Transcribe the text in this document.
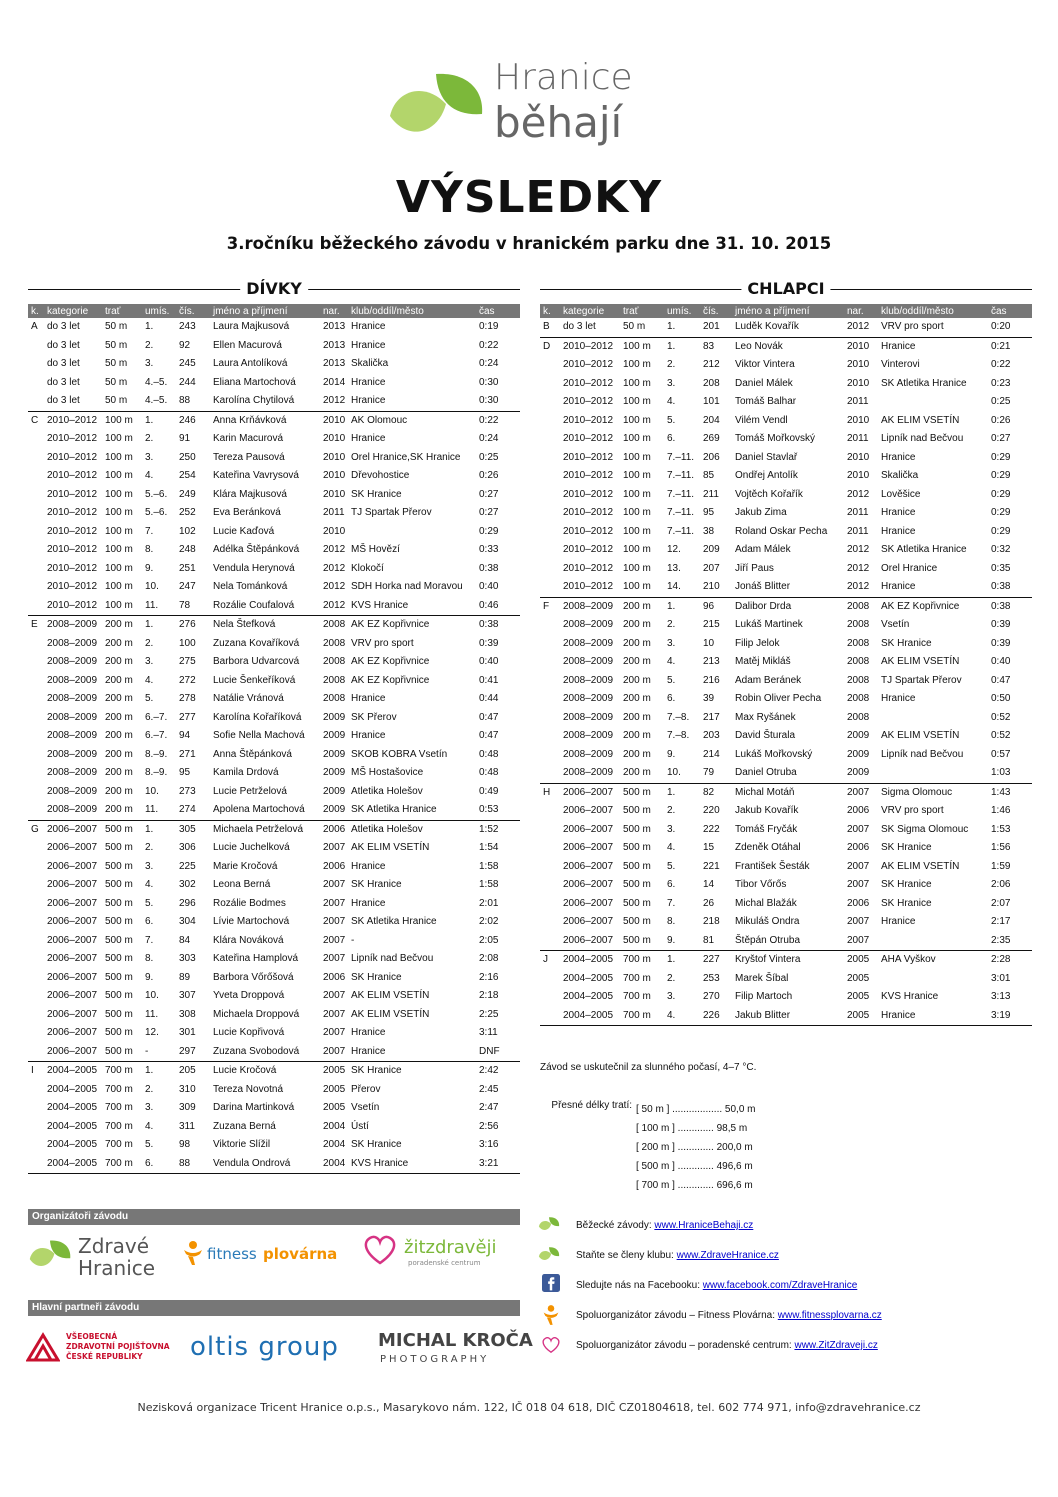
Hranice
běhají
VÝSLEDKY
3.ročníku běžeckého závodu v hranickém parku dne 31. 10. 2015
DÍVKY	CHLAPCI
k.	kategorie	trať	umís.	čís.	jméno a příjmení	nar.	klub/oddíl/město	čas
A	do 3 let	50 m	1.	243	Laura Majkusová	2013	Hranice	0:19
	do 3 let	50 m	2.	92	Ellen Macurová	2013	Hranice	0:22
	do 3 let	50 m	3.	245	Laura Antolíková	2013	Skalička	0:24
	do 3 let	50 m	4.–5.	244	Eliana Martochová	2014	Hranice	0:30
	do 3 let	50 m	4.–5.	88	Karolína Chytilová	2012	Hranice	0:30
C	2010–2012	100 m	1.	246	Anna Krňávková	2010	AK Olomouc	0:22
	2010–2012	100 m	2.	91	Karin Macurová	2010	Hranice	0:24
	2010–2012	100 m	3.	250	Tereza Pausová	2010	Orel Hranice,SK Hranice	0:25
	2010–2012	100 m	4.	254	Kateřina Vavrysová	2010	Dřevohostice	0:26
	2010–2012	100 m	5.–6.	249	Klára Majkusová	2010	SK Hranice	0:27
	2010–2012	100 m	5.–6.	252	Eva Beránková	2011	TJ Spartak Přerov	0:27
	2010–2012	100 m	7.	102	Lucie Kaďová	2010		0:29
	2010–2012	100 m	8.	248	Adélka Štěpánková	2012	MŠ Hovězí	0:33
	2010–2012	100 m	9.	251	Vendula Herynová	2012	Klokočí	0:38
	2010–2012	100 m	10.	247	Nela Tománková	2012	SDH Horka nad Moravou	0:40
	2010–2012	100 m	11.	78	Rozálie Coufalová	2012	KVS Hranice	0:46
E	2008–2009	200 m	1.	276	Nela Štefková	2008	AK EZ Kopřivnice	0:38
	2008–2009	200 m	2.	100	Zuzana Kovaříková	2008	VRV pro sport	0:39
	2008–2009	200 m	3.	275	Barbora Udvarcová	2008	AK EZ Kopřivnice	0:40
	2008–2009	200 m	4.	272	Lucie Šenkeříková	2008	AK EZ Kopřivnice	0:41
	2008–2009	200 m	5.	278	Natálie Vránová	2008	Hranice	0:44
	2008–2009	200 m	6.–7.	277	Karolína Kořaříková	2009	SK Přerov	0:47
	2008–2009	200 m	6.–7.	94	Sofie Nella Machová	2009	Hranice	0:47
	2008–2009	200 m	8.–9.	271	Anna Štěpánková	2009	SKOB KOBRA Vsetín	0:48
	2008–2009	200 m	8.–9.	95	Kamila Drdová	2009	MŠ Hostašovice	0:48
	2008–2009	200 m	10.	273	Lucie Petrželová	2009	Atletika Holešov	0:49
	2008–2009	200 m	11.	274	Apolena Martochová	2009	SK Atletika Hranice	0:53
G	2006–2007	500 m	1.	305	Michaela Petrželová	2006	Atletika Holešov	1:52
	2006–2007	500 m	2.	306	Lucie Juchelková	2007	AK ELIM VSETÍN	1:54
	2006–2007	500 m	3.	225	Marie Kročová	2006	Hranice	1:58
	2006–2007	500 m	4.	302	Leona Berná	2007	SK Hranice	1:58
	2006–2007	500 m	5.	296	Rozálie Bodmes	2007	Hranice	2:01
	2006–2007	500 m	6.	304	Lívie Martochová	2007	SK Atletika Hranice	2:02
	2006–2007	500 m	7.	84	Klára Nováková	2007	-	2:05
	2006–2007	500 m	8.	303	Kateřina Hamplová	2007	Lipník nad Bečvou	2:08
	2006–2007	500 m	9.	89	Barbora Vőrőšová	2006	SK Hranice	2:16
	2006–2007	500 m	10.	307	Yveta Droppová	2007	AK ELIM VSETÍN	2:18
	2006–2007	500 m	11.	308	Michaela Droppová	2007	AK ELIM VSETÍN	2:25
	2006–2007	500 m	12.	301	Lucie Kopřivová	2007	Hranice	3:11
	2006–2007	500 m	-	297	Zuzana Svobodová	2007	Hranice	DNF
I	2004–2005	700 m	1.	205	Lucie Kročová	2005	SK Hranice	2:42
	2004–2005	700 m	2.	310	Tereza Novotná	2005	Přerov	2:45
	2004–2005	700 m	3.	309	Darina Martinková	2005	Vsetín	2:47
	2004–2005	700 m	4.	311	Zuzana Berná	2004	Ústí	2:56
	2004–2005	700 m	5.	98	Viktorie Slížil	2004	SK Hranice	3:16
	2004–2005	700 m	6.	88	Vendula Ondrová	2004	KVS Hranice	3:21
k.	kategorie	trať	umís.	čís.	jméno a příjmení	nar.	klub/oddíl/město	čas
B	do 3 let	50 m	1.	201	Luděk Kovařík	2012	VRV pro sport	0:20
D	2010–2012	100 m	1.	83	Leo Novák	2010	Hranice	0:21
	2010–2012	100 m	2.	212	Viktor Vintera	2010	Vinterovi	0:22
	2010–2012	100 m	3.	208	Daniel Málek	2010	SK Atletika Hranice	0:23
	2010–2012	100 m	4.	101	Tomáš Balhar	2011		0:25
	2010–2012	100 m	5.	204	Vilém Vendl	2010	AK ELIM VSETÍN	0:26
	2010–2012	100 m	6.	269	Tomáš Mořkovský	2011	Lipník nad Bečvou	0:27
	2010–2012	100 m	7.–11.	206	Daniel Stavlař	2010	Hranice	0:29
	2010–2012	100 m	7.–11.	85	Ondřej Antolík	2010	Skalička	0:29
	2010–2012	100 m	7.–11.	211	Vojtěch Kořařík	2012	Lověšice	0:29
	2010–2012	100 m	7.–11.	95	Jakub Zima	2011	Hranice	0:29
	2010–2012	100 m	7.–11.	38	Roland Oskar Pecha	2011	Hranice	0:29
	2010–2012	100 m	12.	209	Adam Málek	2012	SK Atletika Hranice	0:32
	2010–2012	100 m	13.	207	Jiří Paus	2012	Orel Hranice	0:35
	2010–2012	100 m	14.	210	Jonáš Blitter	2012	Hranice	0:38
F	2008–2009	200 m	1.	96	Dalibor Drda	2008	AK EZ Kopřivnice	0:38
	2008–2009	200 m	2.	215	Lukáš Martinek	2008	Vsetín	0:39
	2008–2009	200 m	3.	10	Filip Jelok	2008	SK Hranice	0:39
	2008–2009	200 m	4.	213	Matěj Mikláš	2008	AK ELIM VSETÍN	0:40
	2008–2009	200 m	5.	216	Adam Beránek	2008	TJ Spartak Přerov	0:47
	2008–2009	200 m	6.	39	Robin Oliver Pecha	2008	Hranice	0:50
	2008–2009	200 m	7.–8.	217	Max Ryšánek	2008		0:52
	2008–2009	200 m	7.–8.	203	David Šturala	2009	AK ELIM VSETÍN	0:52
	2008–2009	200 m	9.	214	Lukáš Mořkovský	2009	Lipník nad Bečvou	0:57
	2008–2009	200 m	10.	79	Daniel Otruba	2009		1:03
H	2006–2007	500 m	1.	82	Michal Motáň	2007	Sigma Olomouc	1:43
	2006–2007	500 m	2.	220	Jakub Kovařík	2006	VRV pro sport	1:46
	2006–2007	500 m	3.	222	Tomáš Fryčák	2007	SK Sigma Olomouc	1:53
	2006–2007	500 m	4.	15	Zdeněk Otáhal	2006	SK Hranice	1:56
	2006–2007	500 m	5.	221	František Šesták	2007	AK ELIM VSETÍN	1:59
	2006–2007	500 m	6.	14	Tibor Vőrős	2007	SK Hranice	2:06
	2006–2007	500 m	7.	26	Michal Blažák	2006	SK Hranice	2:07
	2006–2007	500 m	8.	218	Mikuláš Ondra	2007	Hranice	2:17
	2006–2007	500 m	9.	81	Štěpán Otruba	2007		2:35
J	2004–2005	700 m	1.	227	Kryštof Vintera	2005	AHA Vyškov	2:28
	2004–2005	700 m	2.	253	Marek Šíbal	2005		3:01
	2004–2005	700 m	3.	270	Filip Martoch	2005	KVS Hranice	3:13
	2004–2005	700 m	4.	226	Jakub Blitter	2005	Hranice	3:19
Závod se uskutečnil za slunného počasí, 4–7 °C.
Přesné délky tratí: [ 50 m ] .................. 50,0 m
[ 100 m ] ............. 98,5 m
[ 200 m ] ............. 200,0 m
[ 500 m ] ............. 496,6 m
[ 700 m ] ............. 696,6 m
Organizátoři závodu
Zdravé
Hranice
fitness plovárna	žitzdravěji
poradenské centrum
Hlavní partneři závodu
VŠEOBECNÁ
ZDRAVOTNÍ POJIŠŤOVNA
ČESKÉ REPUBLIKY oltis group MICHAL KROČA
PHOTOGRAPHY
Běžecké závody: www.HraniceBehaji.cz
Staňte se členy klubu: www.ZdraveHranice.cz
Sledujte nás na Facebooku: www.facebook.com/ZdraveHranice
Spoluorganizátor závodu – Fitness Plovárna: www.fitnessplovarna.cz
Spoluorganizátor závodu – poradenské centrum: www.ZitZdraveji.cz
Nezisková organizace Tricent Hranice o.p.s., Masarykovo nám. 122, IČ 018 04 618, DIČ CZ01804618, tel. 602 774 971, info@zdravehranice.cz
